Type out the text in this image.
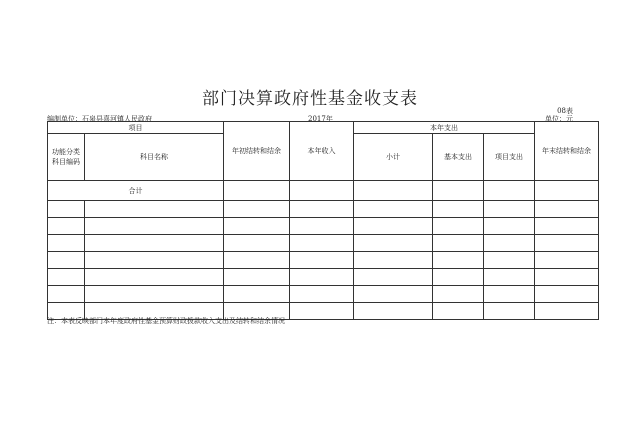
部门决算政府性基金收支表
08表
编制单位：石泉县喜河镇人民政府	2017年	单位：元
项目		年初结转和结余	本年收入	本年支出			年末结转和结余
功能分类
科目编码	科目名称			小计	基本支出	项目支出	
合计							

注：本表反映部门本年度政府性基金预算财政拨款收入支出及结转和结余情况
